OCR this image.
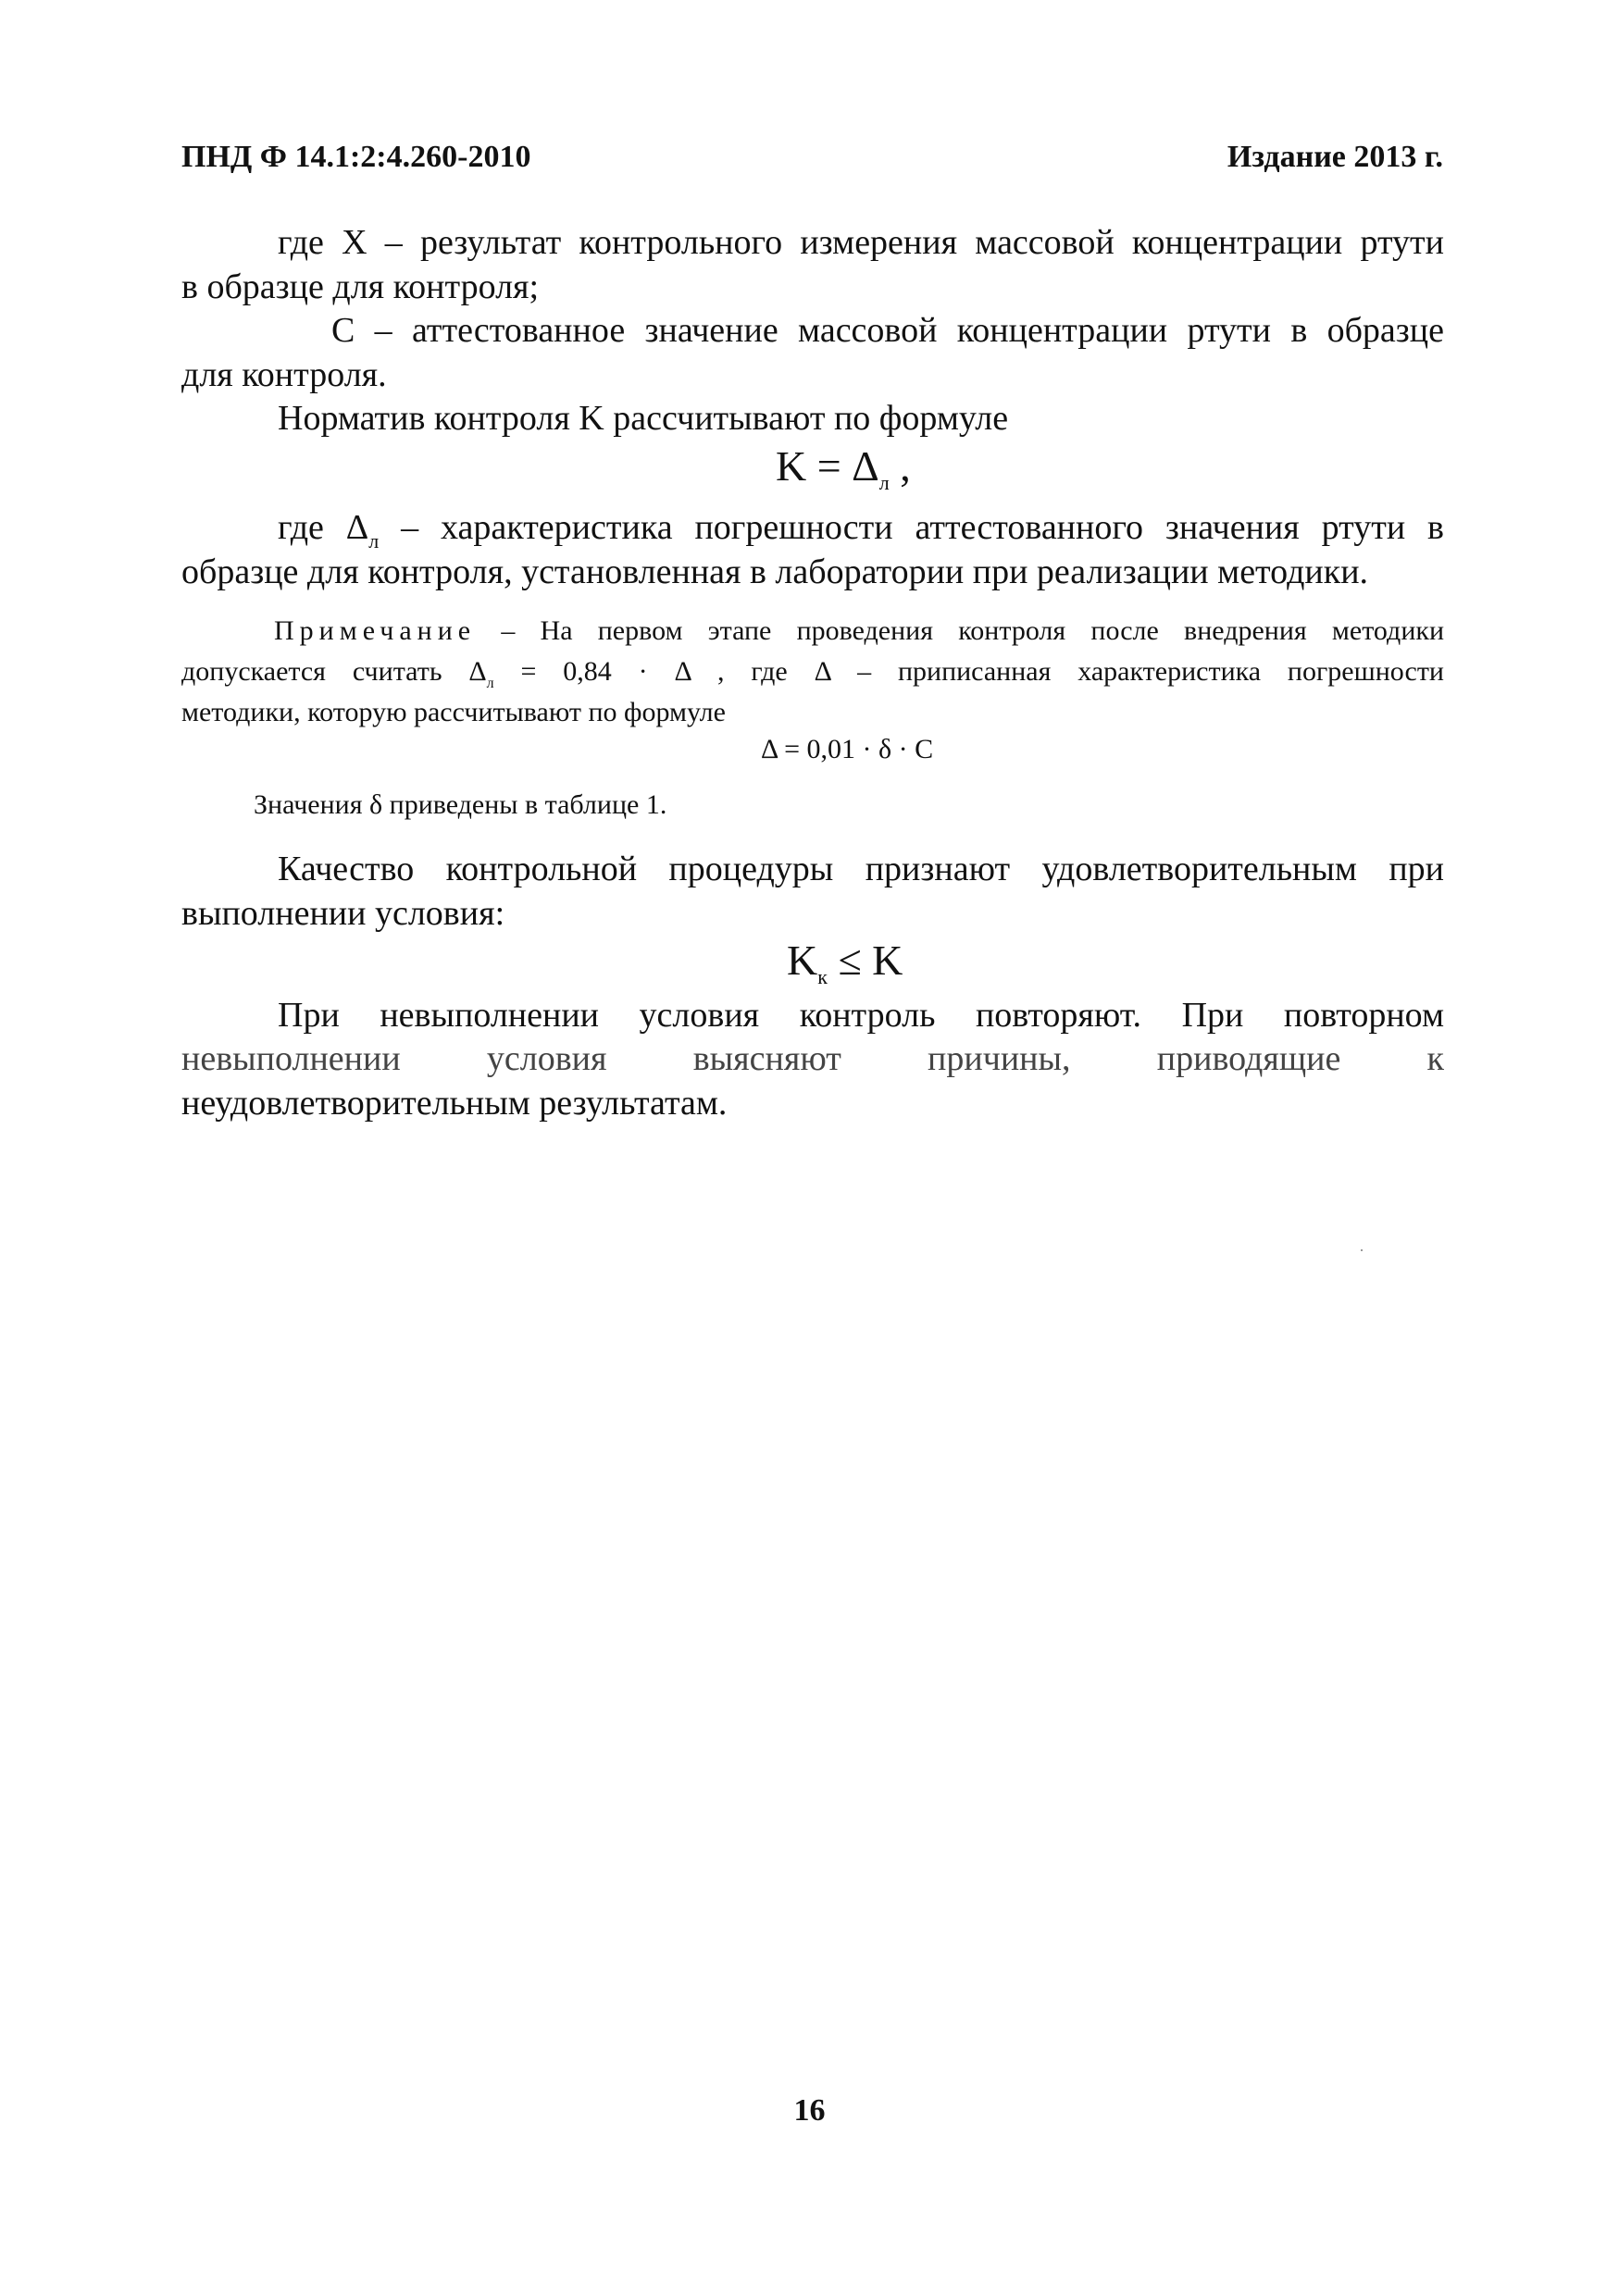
ПНД Ф 14.1:2:4.260-2010	Издание 2013 г.
где X – результат контрольного измерения массовой концентрации ртути
в образце для контроля;
C – аттестованное значение массовой концентрации ртути в образце
для контроля.
Норматив контроля K рассчитывают по формуле
$K = \Delta_л$ ,
где $\Delta_л$ – характеристика погрешности аттестованного значения ртути в
образце для контроля, установленная в лаборатории при реализации методики.
Примечание – На первом этапе проведения контроля после внедрения методики
допускается считать $\Delta_л = 0,84 \cdot \Delta$ , где Δ – приписанная характеристика погрешности
методики, которую рассчитывают по формуле
Δ = 0,01 · δ · C
Значения δ приведены в таблице 1.
Качество контрольной процедуры признают удовлетворительным при
выполнении условия:
$K_к \le K$
При невыполнении условия контроль повторяют. При повторном
невыполнении условия выясняют причины, приводящие к
неудовлетворительным результатам.
16
